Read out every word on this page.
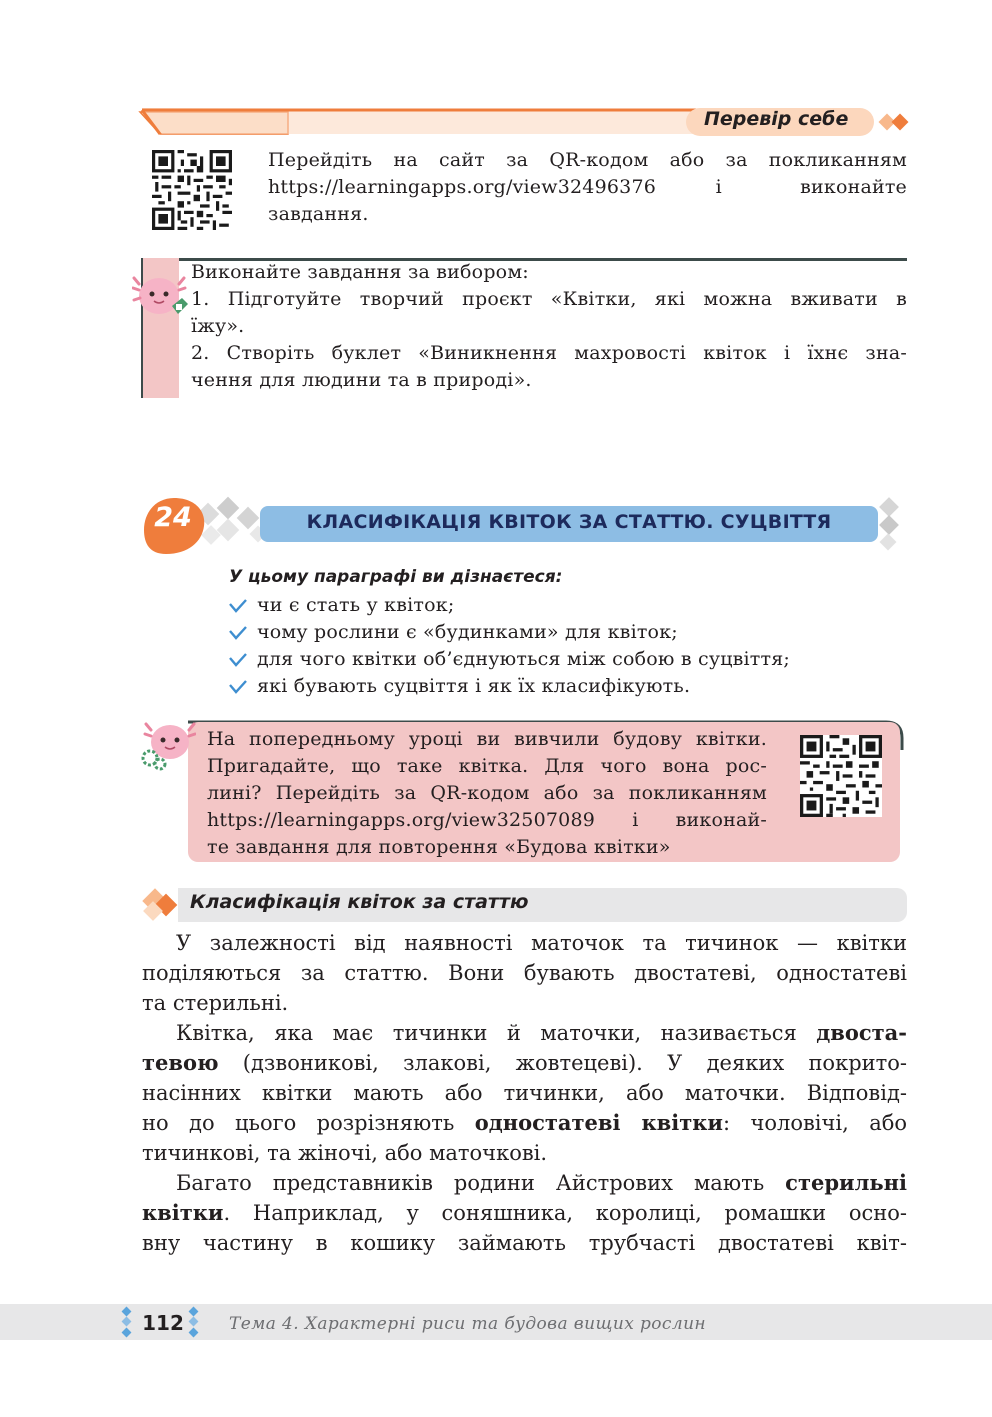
Перевір себе
Перейдіть на сайт за QR-кодом або за покликанням
https://learningapps.org/view32496376	і виконайте
завдання.
Виконайте завдання за вибором:
1. Підготуйте творчий проєкт «Квітки, які можна вживати в
їжу».
2. Створіть буклет «Виникнення махровості квіток і їхнє зна-
чення для людини та в природі».
24	КЛАСИФІКАЦІЯ КВІТОК ЗА СТАТТЮ. СУЦВІТТЯ
У цьому параграфі ви дізнаєтеся:
чи є стать у квіток;
чому рослини є «будинками» для квіток;
для чого квітки об’єднуються між собою в суцвіття;
які бувають суцвіття і як їх класифікують.
На попередньому уроці ви вивчили будову квітки.
Пригадайте, що таке квітка. Для чого вона рос-
лині? Перейдіть за QR-кодом або за покликанням
https://learningapps.org/view32507089 і виконай-
те завдання для повторення «Будова квітки»
Класифікація квіток за статтю
У залежності від наявності маточок та тичинок — квітки
поділяються за статтю. Вони бувають двостатеві, одностатеві
та стерильні.
Квітка, яка має тичинки й маточки, називається двоста-
тевою (дзвоникові, злакові, жовтецеві). У деяких покрито-
насінних квітки мають або тичинки, або маточки. Відповід-
но до цього розрізняють одностатеві квітки: чоловічі, або
тичинкові, та жіночі, або маточкові.
Багато представників родини Айстрових мають стерильні
квітки. Наприклад, у соняшника, королиці, ромашки осно-
вну частину в кошику займають трубчасті двостатеві квіт-
112	Тема 4. Характерні риси та будова вищих рослин
